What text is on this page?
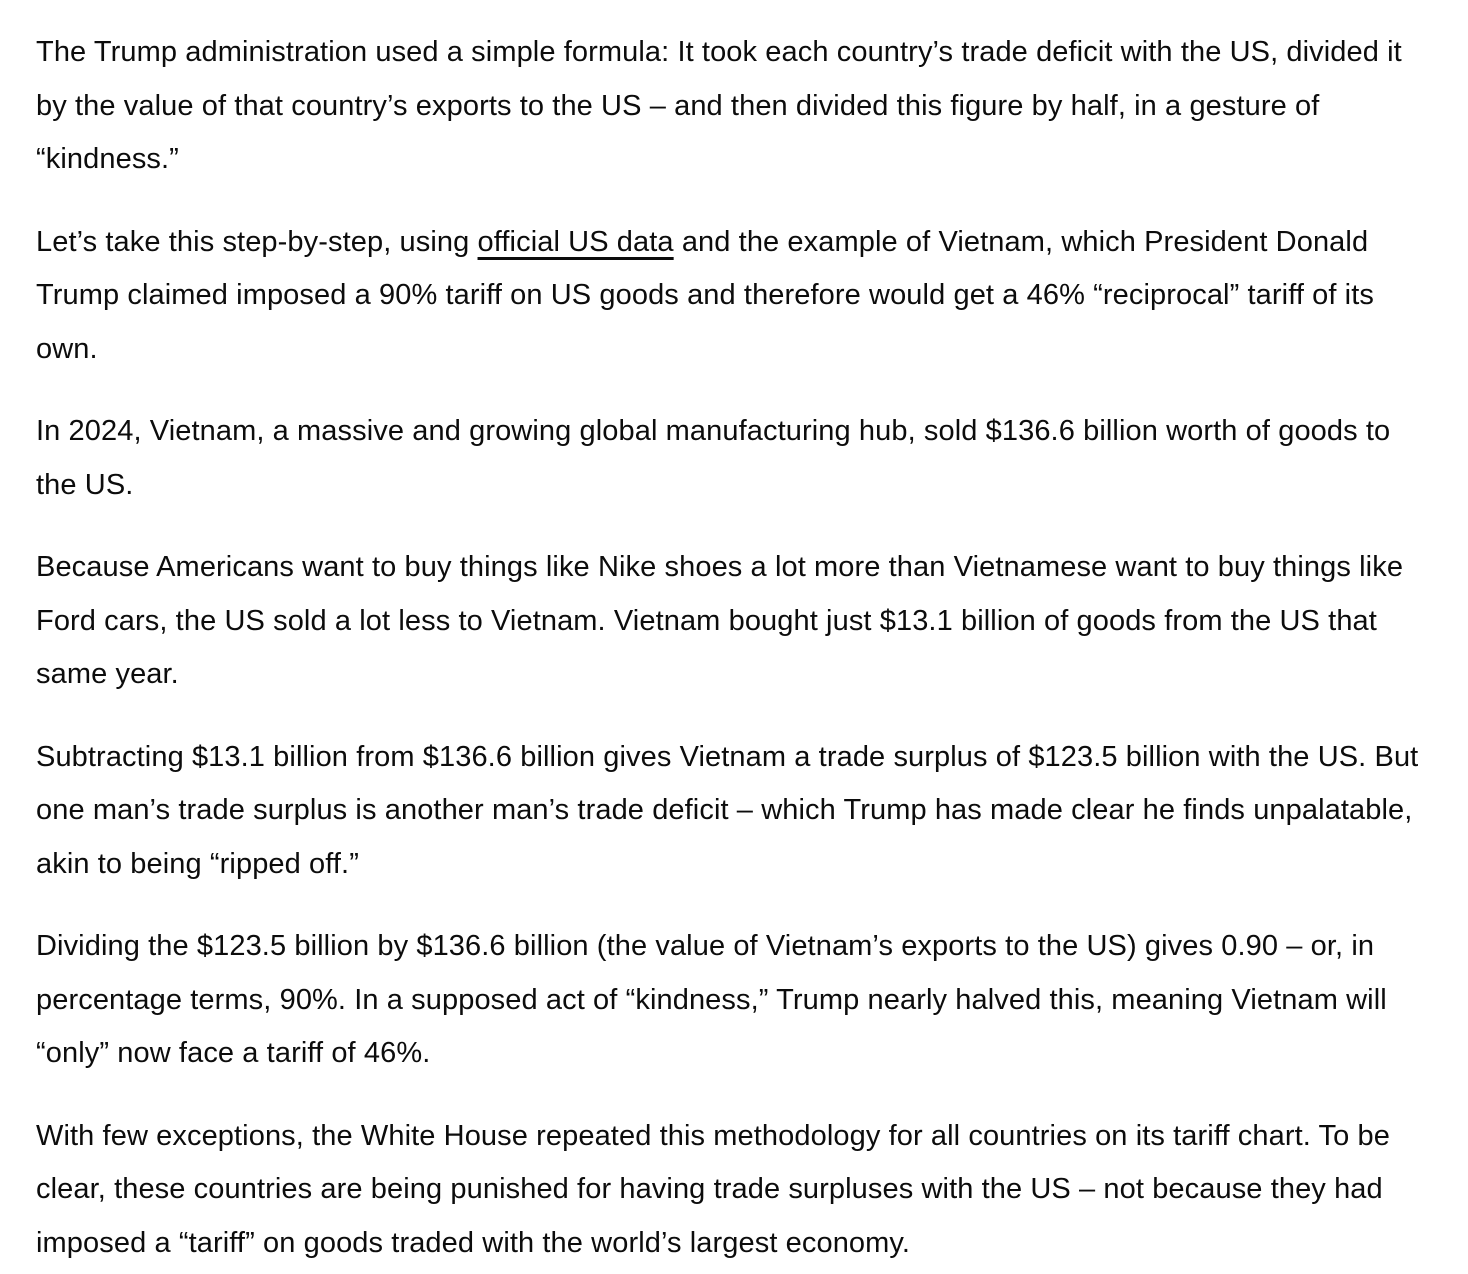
The Trump administration used a simple formula: It took each country’s trade deficit with the US, divided it by the value of that country’s exports to the US – and then divided this figure by half, in a gesture of “kindness.”

Let’s take this step-by-step, using official US data and the example of Vietnam, which President Donald Trump claimed imposed a 90% tariff on US goods and therefore would get a 46% “reciprocal” tariff of its own.

In 2024, Vietnam, a massive and growing global manufacturing hub, sold $136.6 billion worth of goods to the US.

Because Americans want to buy things like Nike shoes a lot more than Vietnamese want to buy things like Ford cars, the US sold a lot less to Vietnam. Vietnam bought just $13.1 billion of goods from the US that same year.

Subtracting $13.1 billion from $136.6 billion gives Vietnam a trade surplus of $123.5 billion with the US. But one man’s trade surplus is another man’s trade deficit – which Trump has made clear he finds unpalatable, akin to being “ripped off.”

Dividing the $123.5 billion by $136.6 billion (the value of Vietnam’s exports to the US) gives 0.90 – or, in percentage terms, 90%. In a supposed act of “kindness,” Trump nearly halved this, meaning Vietnam will “only” now face a tariff of 46%.

With few exceptions, the White House repeated this methodology for all countries on its tariff chart. To be clear, these countries are being punished for having trade surpluses with the US – not because they had imposed a “tariff” on goods traded with the world’s largest economy.
